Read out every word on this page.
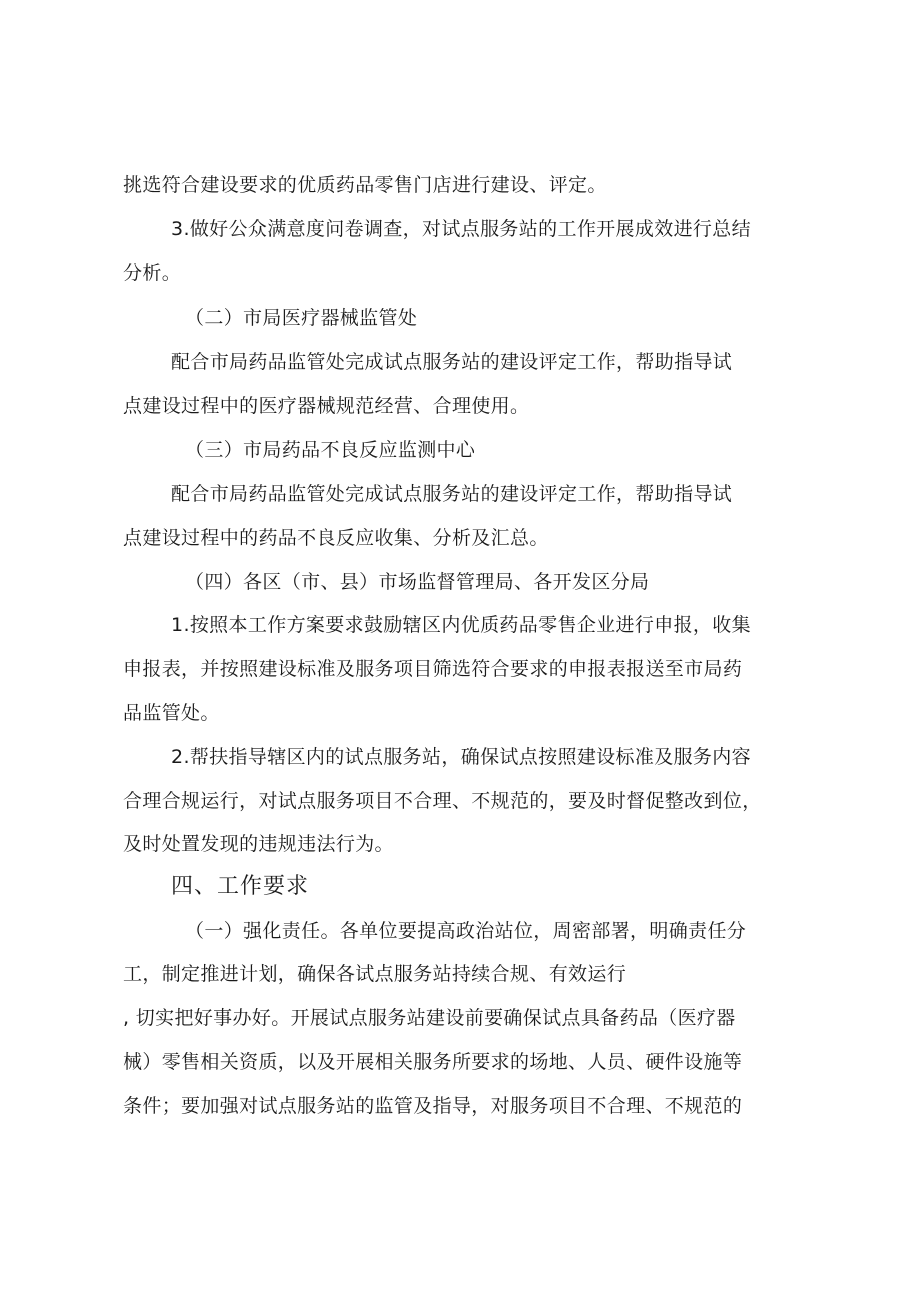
挑选符合建设要求的优质药品零售门店进行建设、评定。
3.做好公众满意度问卷调查，对试点服务站的工作开展成效进行总结
分析。
（二）市局医疗器械监管处
配合市局药品监管处完成试点服务站的建设评定工作，帮助指导试
点建设过程中的医疗器械规范经营、合理使用。
（三）市局药品不良反应监测中心
配合市局药品监管处完成试点服务站的建设评定工作，帮助指导试
点建设过程中的药品不良反应收集、分析及汇总。
（四）各区（市、县）市场监督管理局、各开发区分局
1.按照本工作方案要求鼓励辖区内优质药品零售企业进行申报，收集
申报表，并按照建设标准及服务项目筛选符合要求的申报表报送至市局药
品监管处。
2.帮扶指导辖区内的试点服务站，确保试点按照建设标准及服务内容
合理合规运行，对试点服务项目不合理、不规范的，要及时督促整改到位，
及时处置发现的违规违法行为。
四、工作要求
（一）强化责任。各单位要提高政治站位，周密部署，明确责任分
工，制定推进计划，确保各试点服务站持续合规、有效运行
, 切实把好事办好。开展试点服务站建设前要确保试点具备药品（医疗器
械）零售相关资质，以及开展相关服务所要求的场地、人员、硬件设施等
条件；要加强对试点服务站的监管及指导，对服务项目不合理、不规范的
